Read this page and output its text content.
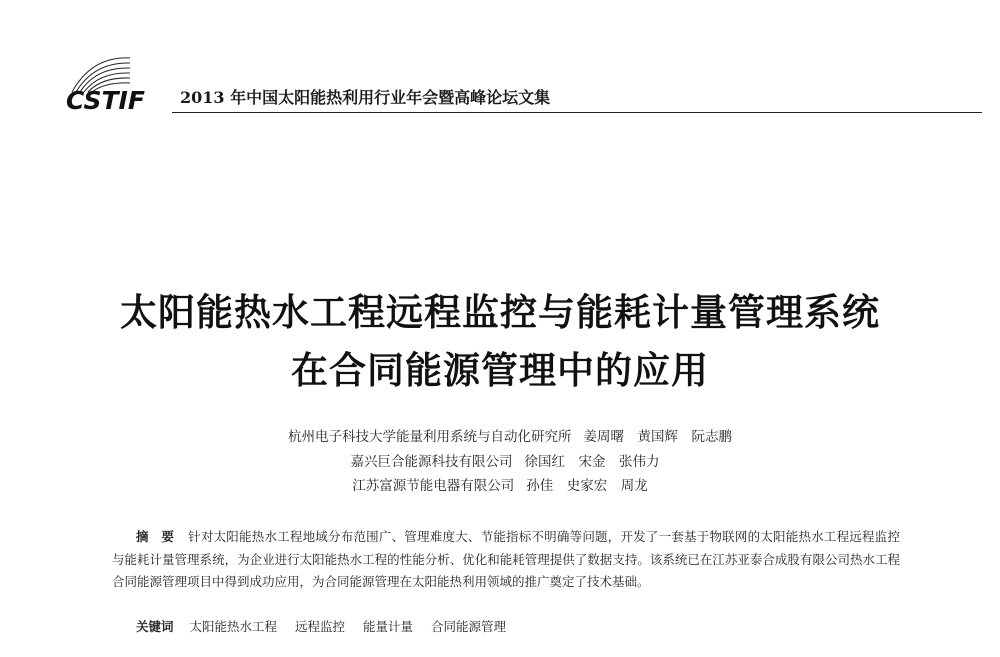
CSTIF 2013 年中国太阳能热利用行业年会暨高峰论坛文集
太阳能热水工程远程监控与能耗计量管理系统
在合同能源管理中的应用
杭州电子科技大学能量利用系统与自动化研究所 姜周曙　黄国辉　阮志鹏
嘉兴巨合能源科技有限公司 徐国红　宋金　张伟力
江苏富源节能电器有限公司 孙佳　史家宏　周龙
摘　要 针对太阳能热水工程地域分布范围广、管理难度大、节能指标不明确等问题，开发了一套基于物联网的太阳能热水工程远程监控与能耗计量管理系统，为企业进行太阳能热水工程的性能分析、优化和能耗管理提供了数据支持。该系统已在江苏亚泰合成股有限公司热水工程合同能源管理项目中得到成功应用，为合同能源管理在太阳能热利用领域的推广奠定了技术基础。
关键词 太阳能热水工程 远程监控 能量计量 合同能源管理
